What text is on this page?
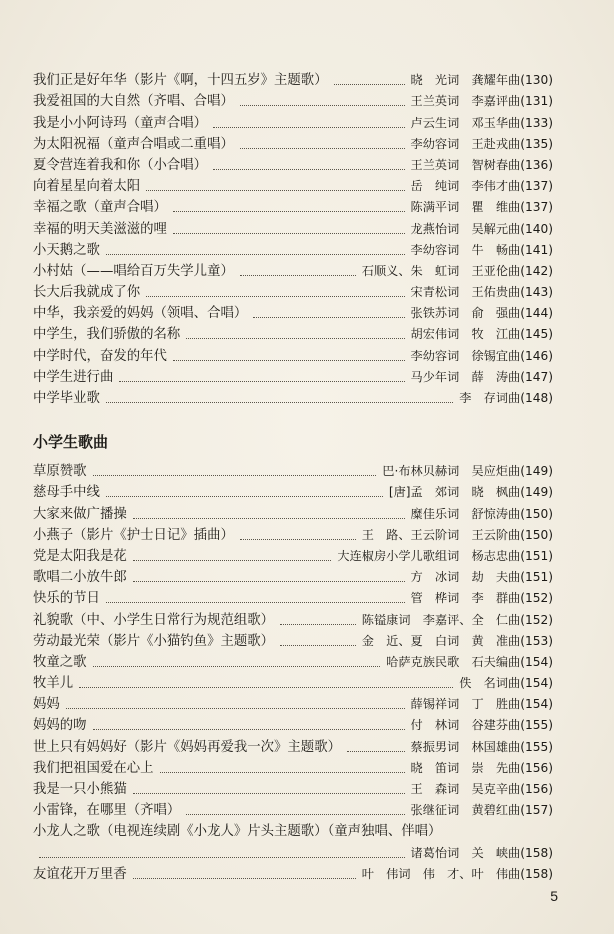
我们正是好年华（影片《啊，十四五岁》主题歌）	晓　光词　龚耀年曲(130)
我爱祖国的大自然（齐唱、合唱）	王兰英词　李嘉评曲(131)
我是小小阿诗玛（童声合唱）	卢云生词　邓玉华曲(133)
为太阳祝福（童声合唱或二重唱）	李幼容词　王赴戎曲(135)
夏令营连着我和你（小合唱）	王兰英词　智树春曲(136)
向着星星向着太阳	岳　纯词　李伟才曲(137)
幸福之歌（童声合唱）	陈满平词　瞿　维曲(137)
幸福的明天美滋滋的哩	龙燕怡词　吴解元曲(140)
小天鹅之歌	李幼容词　牛　畅曲(141)
小村姑（——唱给百万失学儿童）	石顺义、朱　虹词　王亚伦曲(142)
长大后我就成了你	宋青松词　王佑贵曲(143)
中华，我亲爱的妈妈（领唱、合唱）	张铁苏词　俞　强曲(144)
中学生，我们骄傲的名称	胡宏伟词　牧　江曲(145)
中学时代，奋发的年代	李幼容词　徐锡宜曲(146)
中学生进行曲	马少年词　薛　涛曲(147)
中学毕业歌	李　存词曲(148)
小学生歌曲
草原赞歌	巴·布林贝赫词　吴应炬曲(149)
慈母手中线	[唐]孟　郊词　晓　枫曲(149)
大家来做广播操	糜佳乐词　舒惊涛曲(150)
小燕子（影片《护士日记》插曲）	王　路、王云阶词　王云阶曲(150)
党是太阳我是花	大连椒房小学儿歌组词　杨志忠曲(151)
歌唱二小放牛郎	方　冰词　劫　夫曲(151)
快乐的节日	管　桦词　李　群曲(152)
礼貌歌（中、小学生日常行为规范组歌）	陈镒康词　李嘉评、全　仁曲(152)
劳动最光荣（影片《小猫钓鱼》主题歌）	金　近、夏　白词　黄　准曲(153)
牧童之歌	哈萨克族民歌　石夫编曲(154)
牧羊儿	佚　名词曲(154)
妈妈	薛锡祥词　丁　胜曲(154)
妈妈的吻	付　林词　谷建芬曲(155)
世上只有妈妈好（影片《妈妈再爱我一次》主题歌）	蔡振男词　林国雄曲(155)
我们把祖国爱在心上	晓　笛词　崇　先曲(156)
我是一只小熊猫	王　森词　吴克辛曲(156)
小雷锋，在哪里（齐唱）	张继征词　黄碧红曲(157)
小龙人之歌（电视连续剧《小龙人》片头主题歌）（童声独唱、伴唱）
诸葛怡词　关　峡曲(158)
友谊花开万里香	叶　伟词　伟　才、叶　伟曲(158)
5
